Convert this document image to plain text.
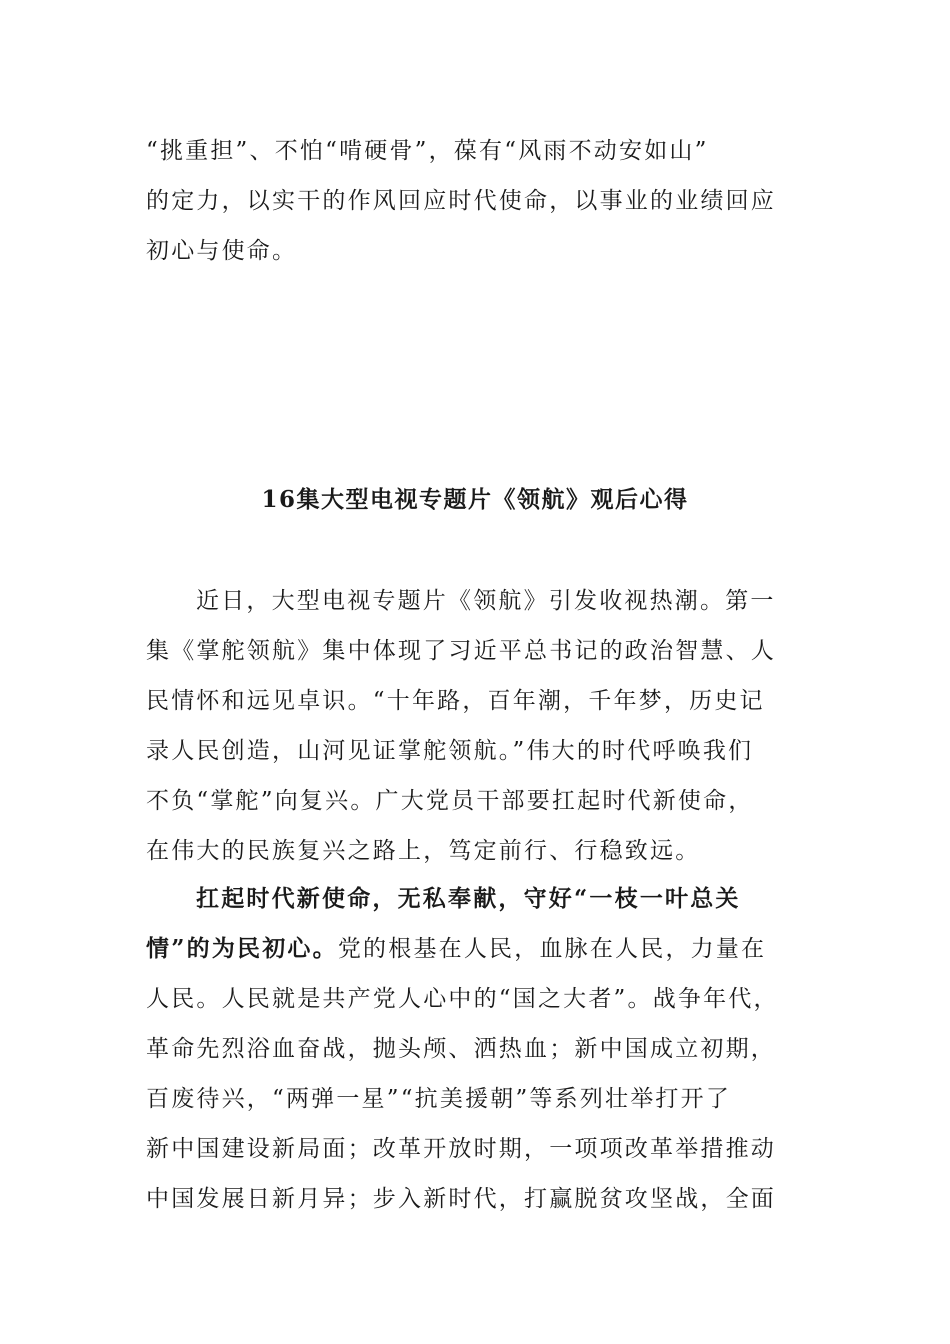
“挑重担”、不怕“啃硬骨”，葆有“风雨不动安如山”
的定力，以实干的作风回应时代使命，以事业的业绩回应
初心与使命。
16集大型电视专题片《领航》观后心得
近日，大型电视专题片《领航》引发收视热潮。第一
集《掌舵领航》集中体现了习近平总书记的政治智慧、人
民情怀和远见卓识。“十年路，百年潮，千年梦，历史记
录人民创造，山河见证掌舵领航。”伟大的时代呼唤我们
不负“掌舵”向复兴。广大党员干部要扛起时代新使命，
在伟大的民族复兴之路上，笃定前行、行稳致远。
扛起时代新使命，无私奉献，守好“一枝一叶总关
情”的为民初心。党的根基在人民，血脉在人民，力量在
人民。人民就是共产党人心中的“国之大者”。战争年代，
革命先烈浴血奋战，抛头颅、洒热血；新中国成立初期，
百废待兴，“两弹一星”“抗美援朝”等系列壮举打开了
新中国建设新局面；改革开放时期，一项项改革举措推动
中国发展日新月异；步入新时代，打赢脱贫攻坚战，全面
